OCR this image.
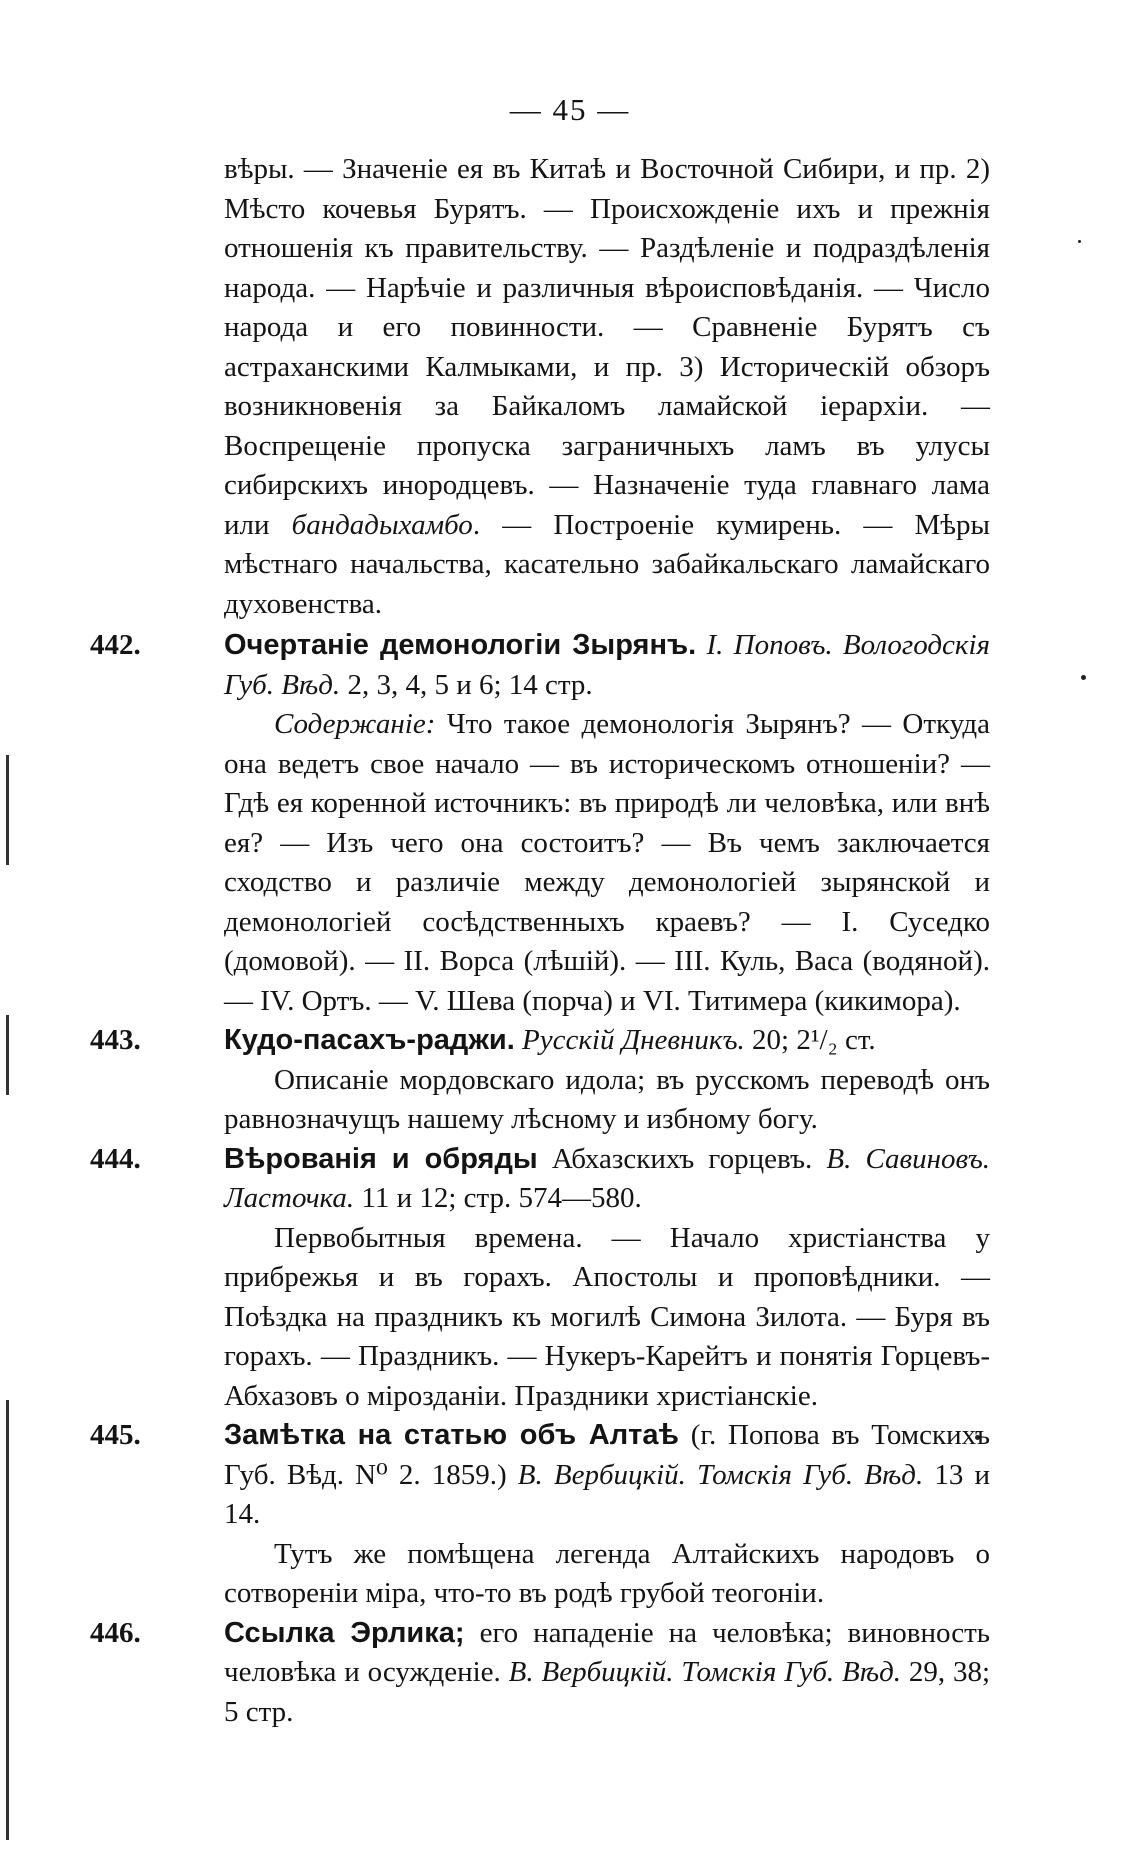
— 45 —

вѣры. — Значеніе ея въ Китаѣ и Восточной Сибири, и пр. 2) Мѣсто кочевья Бурятъ. — Происхожденіе ихъ и прежнія отношенія къ правительству. — Раздѣленіе и подраздѣленія народа. — Нарѣчіе и различныя вѣроисповѣданія. — Число народа и его повинности. — Сравненіе Бурятъ съ астраханскими Калмыками, и пр. 3) Историческій обзоръ возникновенія за Байкаломъ ламайской іерархіи. — Воспрещеніе пропуска заграничныхъ ламъ въ улусы сибирскихъ инородцевъ. — Назначеніе туда главнаго лама или бандадыхамбо. — Построеніе кумирень. — Мѣры мѣстнаго начальства, касательно забайкальскаго ламайскаго духовенства.

442.	Очертаніе демонологіи Зырянъ. І. Поповъ. Вологодскія Губ. Вѣд. 2, 3, 4, 5 и 6; 14 стр.

Содержаніе: Что такое демонологія Зырянъ? — Откуда она ведетъ свое начало — въ историческомъ отношеніи? — Гдѣ ея коренной источникъ: въ природѣ ли человѣка, или внѣ ея? — Изъ чего она состоитъ? — Въ чемъ заключается сходство и различіе между демонологіей зырянской и демонологіей сосѣдственныхъ краевъ? — І. Суседко (домовой). — ІІ. Ворса (лѣшій). — ІІІ. Куль, Васа (водяной). — ІV. Ортъ. — V. Шева (порча) и VІ. Титимера (кикимора).

443.	Кудо-пасахъ-раджи. Русскій Дневникъ. 20; 2¹/₂ ст.

Описаніе мордовскаго идола; въ русскомъ переводѣ онъ равнозначущъ нашему лѣсному и избному богу.

444.	Вѣрованія и обряды Абхазскихъ горцевъ. В. Савиновъ. Ласточка. 11 и 12; стр. 574—580.

Первобытныя времена. — Начало христіанства у прибрежья и въ горахъ. Апостолы и проповѣдники. — Поѣздка на праздникъ къ могилѣ Симона Зилота. — Буря въ горахъ. — Праздникъ. — Нукеръ-Карейтъ и понятія Горцевъ-Абхазовъ о мірозданіи. Праздники христіанскіе.

445.	Замѣтка на статью объ Алтаѣ (г. Попова въ Томскихъ Губ. Вѣд. N⁰ 2. 1859.) В. Вербицкій. Томскія Губ. Вѣд. 13 и 14.

Тутъ же помѣщена легенда Алтайскихъ народовъ о сотвореніи міра, что-то въ родѣ грубой теогоніи.

446.	Ссылка Эрлика; его нападеніе на человѣка; виновность человѣка и осужденіе. В. Вербицкій. Томскія Губ. Вѣд. 29, 38; 5 стр.
